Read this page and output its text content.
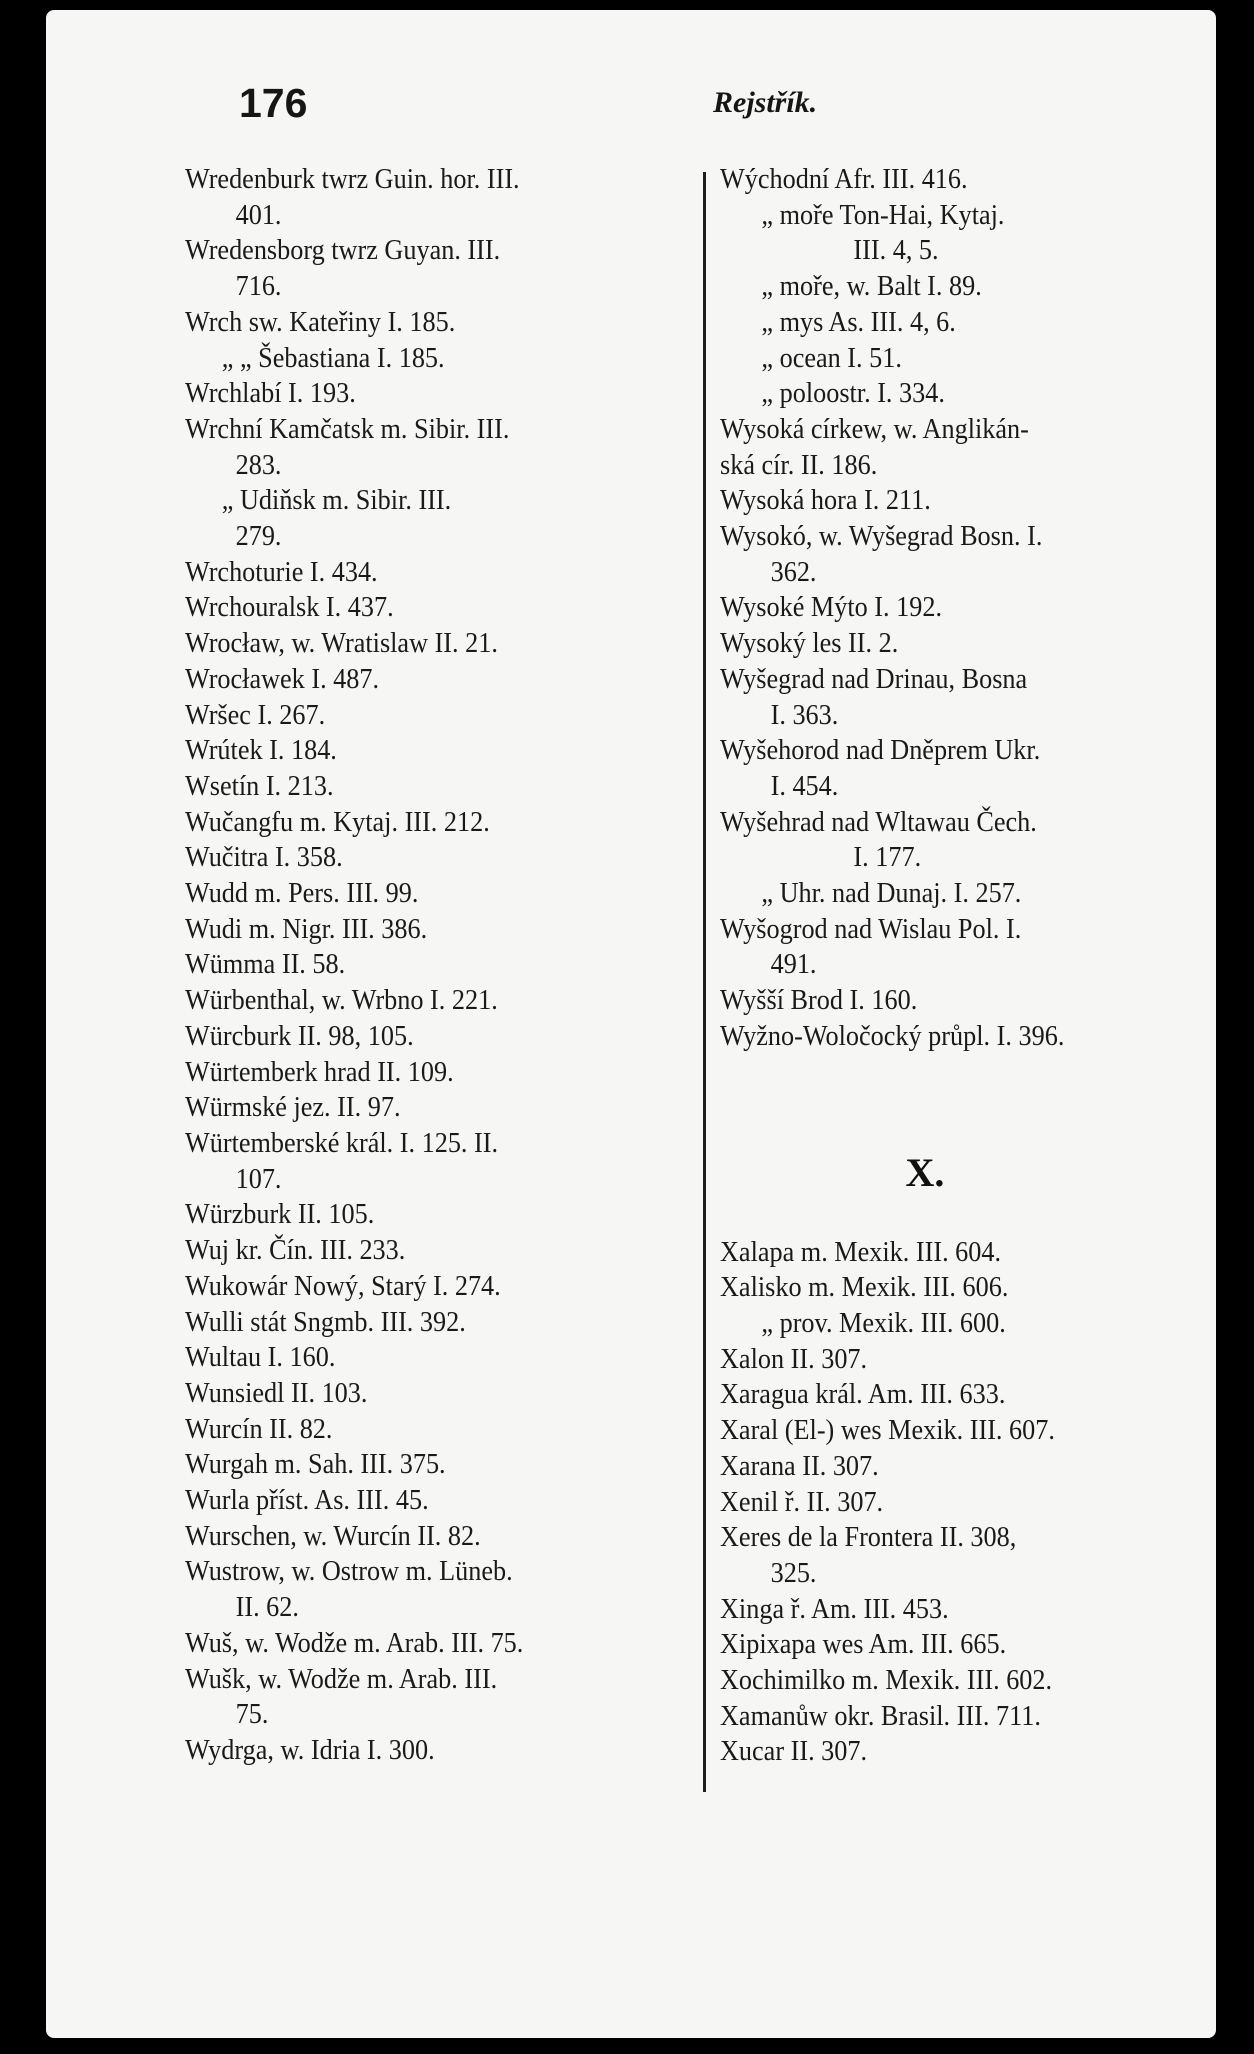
176	Rejstřík.
Wredenburk twrz Guin. hor. III.
401.
Wredensborg twrz Guyan. III.
716.
Wrch sw. Kateřiny I. 185.
„ „ Šebastiana I. 185.
Wrchlabí I. 193.
Wrchní Kamčatsk m. Sibir. III.
283.
„ Udiňsk m. Sibir. III.
279.
Wrchoturie I. 434.
Wrchouralsk I. 437.
Wrocław, w. Wratislaw II. 21.
Wrocławek I. 487.
Wršec I. 267.
Wrútek I. 184.
Wsetín I. 213.
Wučangfu m. Kytaj. III. 212.
Wučitra I. 358.
Wudd m. Pers. III. 99.
Wudi m. Nigr. III. 386.
Wümma II. 58.
Würbenthal, w. Wrbno I. 221.
Würcburk II. 98, 105.
Würtemberk hrad II. 109.
Würmské jez. II. 97.
Würtemberské král. I. 125. II.
107.
Würzburk II. 105.
Wuj kr. Čín. III. 233.
Wukowár Nowý, Starý I. 274.
Wulli stát Sngmb. III. 392.
Wultau I. 160.
Wunsiedl II. 103.
Wurcín II. 82.
Wurgah m. Sah. III. 375.
Wurla příst. As. III. 45.
Wurschen, w. Wurcín II. 82.
Wustrow, w. Ostrow m. Lüneb.
II. 62.
Wuš, w. Wodže m. Arab. III. 75.
Wušk, w. Wodže m. Arab. III.
75.
Wydrga, w. Idria I. 300.
Wýchodní Afr. III. 416.
„ moře Ton-Hai, Kytaj.
III. 4, 5.
„ moře, w. Balt I. 89.
„ mys As. III. 4, 6.
„ ocean I. 51.
„ poloostr. I. 334.
Wysoká církew, w. Anglikán-
ská cír. II. 186.
Wysoká hora I. 211.
Wysokó, w. Wyšegrad Bosn. I.
362.
Wysoké Mýto I. 192.
Wysoký les II. 2.
Wyšegrad nad Drinau, Bosna
I. 363.
Wyšehorod nad Dněprem Ukr.
I. 454.
Wyšehrad nad Wltawau Čech.
I. 177.
„ Uhr. nad Dunaj. I. 257.
Wyšogrod nad Wislau Pol. I.
491.
Wyšší Brod I. 160.
Wyžno-Woločocký průpl. I. 396.
X.
Xalapa m. Mexik. III. 604.
Xalisko m. Mexik. III. 606.
„ prov. Mexik. III. 600.
Xalon II. 307.
Xaragua král. Am. III. 633.
Xaral (El-) wes Mexik. III. 607.
Xarana II. 307.
Xenil ř. II. 307.
Xeres de la Frontera II. 308,
325.
Xinga ř. Am. III. 453.
Xipixapa wes Am. III. 665.
Xochimilko m. Mexik. III. 602.
Xamanůw okr. Brasil. III. 711.
Xucar II. 307.
